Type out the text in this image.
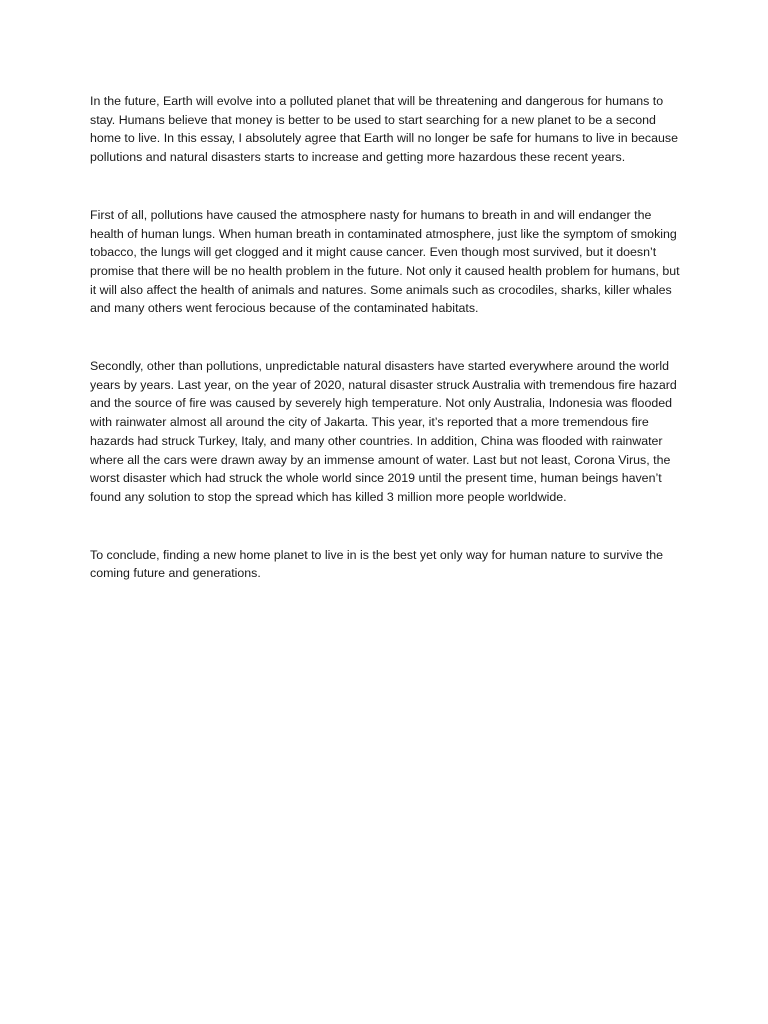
In the future, Earth will evolve into a polluted planet that will be threatening and dangerous for humans to stay. Humans believe that money is better to be used to start searching for a new planet to be a second home to live. In this essay, I absolutely agree that Earth will no longer be safe for humans to live in because pollutions and natural disasters starts to increase and getting more hazardous these recent years.

First of all, pollutions have caused the atmosphere nasty for humans to breath in and will endanger the health of human lungs. When human breath in contaminated atmosphere, just like the symptom of smoking tobacco, the lungs will get clogged and it might cause cancer. Even though most survived, but it doesn’t promise that there will be no health problem in the future. Not only it caused health problem for humans, but it will also affect the health of animals and natures. Some animals such as crocodiles, sharks, killer whales and many others went ferocious because of the contaminated habitats.

Secondly, other than pollutions, unpredictable natural disasters have started everywhere around the world years by years. Last year, on the year of 2020, natural disaster struck Australia with tremendous fire hazard and the source of fire was caused by severely high temperature. Not only Australia, Indonesia was flooded with rainwater almost all around the city of Jakarta. This year, it’s reported that a more tremendous fire hazards had struck Turkey, Italy, and many other countries. In addition, China was flooded with rainwater where all the cars were drawn away by an immense amount of water. Last but not least, Corona Virus, the worst disaster which had struck the whole world since 2019 until the present time, human beings haven’t found any solution to stop the spread which has killed 3 million more people worldwide.

To conclude, finding a new home planet to live in is the best yet only way for human nature to survive the coming future and generations.
